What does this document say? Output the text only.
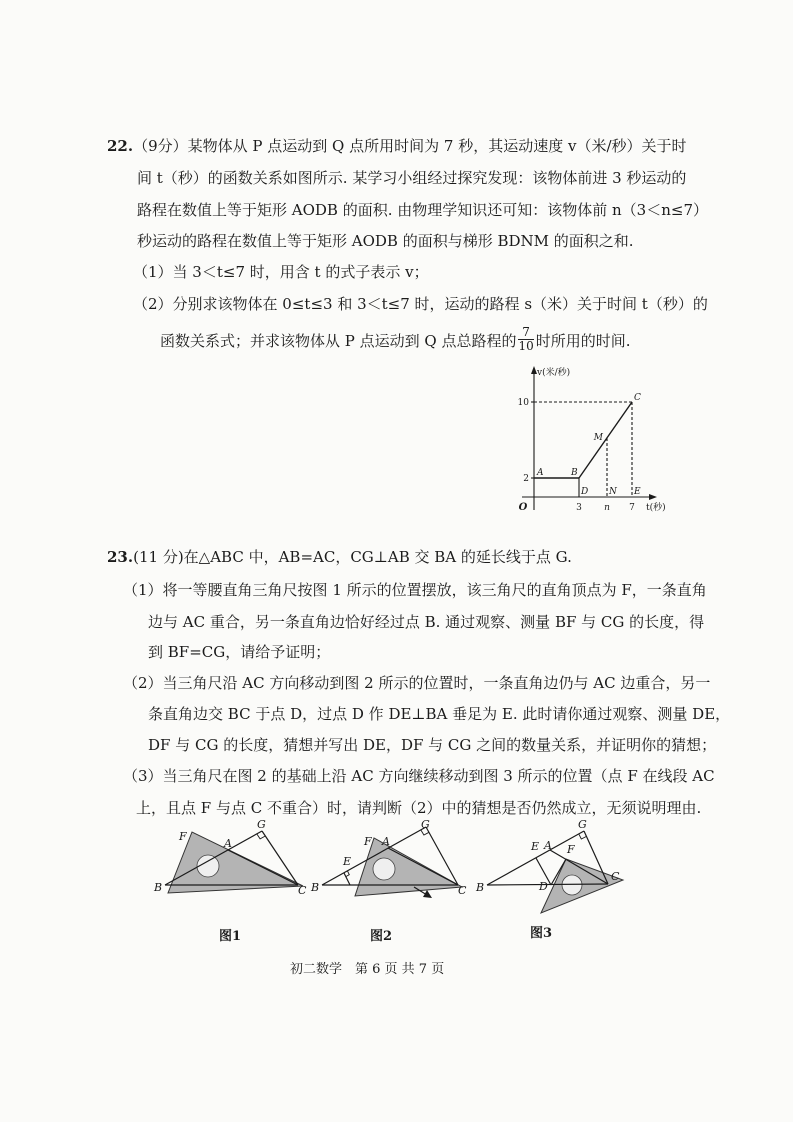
22.（9分）某物体从 P 点运动到 Q 点所用时间为 7 秒，其运动速度 v（米/秒）关于时
间 t（秒）的函数关系如图所示. 某学习小组经过探究发现：该物体前进 3 秒运动的
路程在数值上等于矩形 AODB 的面积. 由物理学知识还可知：该物体前 n（3＜n≤7）
秒运动的路程在数值上等于矩形 AODB 的面积与梯形 BDNM 的面积之和.
（1）当 3＜t≤7 时，用含 t 的式子表示 v；
（2）分别求该物体在 0≤t≤3 和 3＜t≤7 时，运动的路程 s（米）关于时间 t（秒）的
函数关系式；并求该物体从 P 点运动到 Q 点总路程的 $\frac{7}{10}$ 时所用的时间.
v(米/秒)
t(秒)
10
2
O	3 n 7
A	B
C
M
D N E
23.(11 分)在△ABC 中，AB=AC，CG⊥AB 交 BA 的延长线于点 G.
（1）将一等腰直角三角尺按图 1 所示的位置摆放，该三角尺的直角顶点为 F，一条直角
边与 AC 重合，另一条直角边恰好经过点 B. 通过观察、测量 BF 与 CG 的长度，得
到 BF=CG，请给予证明；
（2）当三角尺沿 AC 方向移动到图 2 所示的位置时，一条直角边仍与 AC 边重合，另一
条直角边交 BC 于点 D，过点 D 作 DE⊥BA 垂足为 E. 此时请你通过观察、测量 DE，
DF 与 CG 的长度，猜想并写出 DE，DF 与 CG 之间的数量关系，并证明你的猜想；
（3）当三角尺在图 2 的基础上沿 AC 方向继续移动到图 3 所示的位置（点 F 在线段 AC
上，且点 F 与点 C 不重合）时，请判断（2）中的猜想是否仍然成立，无须说明理由.
F
A
G
B	C
图1
E
F A
G
B	C
图2
E A
G
F
B	D
C
图3
初二数学　第 6 页 共 7 页
